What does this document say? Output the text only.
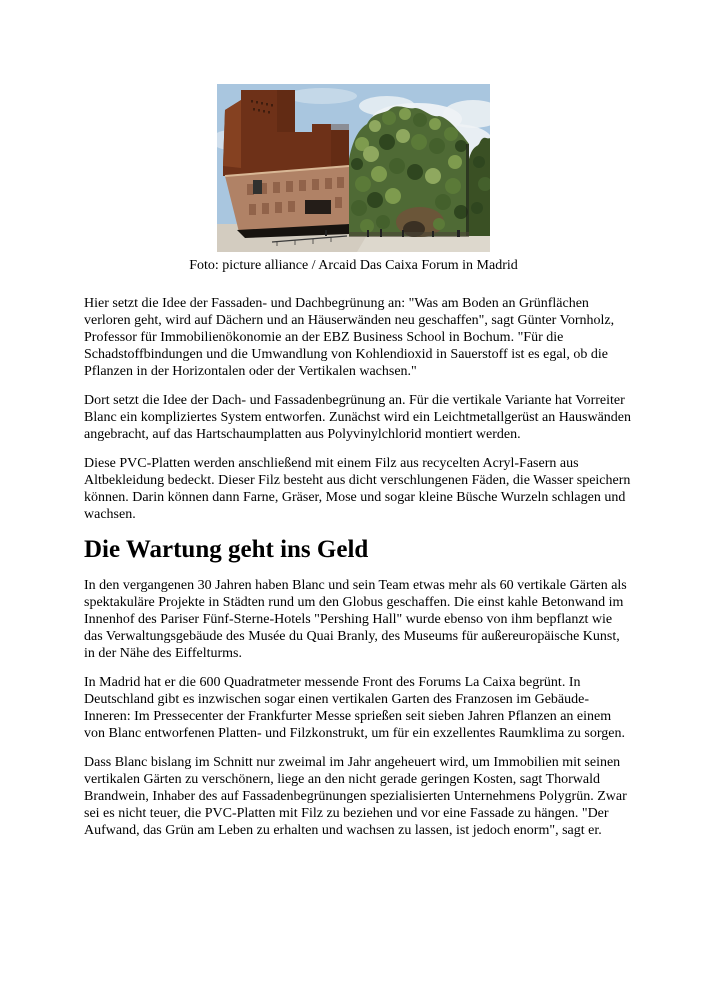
Foto: picture alliance / Arcaid Das Caixa Forum in Madrid

Hier setzt die Idee der Fassaden- und Dachbegrünung an: "Was am Boden an Grünflächen verloren geht, wird auf Dächern und an Häuserwänden neu geschaffen", sagt Günter Vornholz, Professor für Immobilienökonomie an der EBZ Business School in Bochum. "Für die Schadstoffbindungen und die Umwandlung von Kohlendioxid in Sauerstoff ist es egal, ob die Pflanzen in der Horizontalen oder der Vertikalen wachsen."

Dort setzt die Idee der Dach- und Fassadenbegrünung an. Für die vertikale Variante hat Vorreiter Blanc ein kompliziertes System entworfen. Zunächst wird ein Leichtmetallgerüst an Hauswänden angebracht, auf das Hartschaumplatten aus Polyvinylchlorid montiert werden.

Diese PVC-Platten werden anschließend mit einem Filz aus recycelten Acryl-Fasern aus Altbekleidung bedeckt. Dieser Filz besteht aus dicht verschlungenen Fäden, die Wasser speichern können. Darin können dann Farne, Gräser, Mose und sogar kleine Büsche Wurzeln schlagen und wachsen.

Die Wartung geht ins Geld

In den vergangenen 30 Jahren haben Blanc und sein Team etwas mehr als 60 vertikale Gärten als spektakuläre Projekte in Städten rund um den Globus geschaffen. Die einst kahle Betonwand im Innenhof des Pariser Fünf-Sterne-Hotels "Pershing Hall" wurde ebenso von ihm bepflanzt wie das Verwaltungsgebäude des Musée du Quai Branly, des Museums für außereuropäische Kunst, in der Nähe des Eiffelturms.

In Madrid hat er die 600 Quadratmeter messende Front des Forums La Caixa begrünt. In Deutschland gibt es inzwischen sogar einen vertikalen Garten des Franzosen im Gebäude-Inneren: Im Pressecenter der Frankfurter Messe sprießen seit sieben Jahren Pflanzen an einem von Blanc entworfenen Platten- und Filzkonstrukt, um für ein exzellentes Raumklima zu sorgen.

Dass Blanc bislang im Schnitt nur zweimal im Jahr angeheuert wird, um Immobilien mit seinen vertikalen Gärten zu verschönern, liege an den nicht gerade geringen Kosten, sagt Thorwald Brandwein, Inhaber des auf Fassadenbegrünungen spezialisierten Unternehmens Polygrün. Zwar sei es nicht teuer, die PVC-Platten mit Filz zu beziehen und vor eine Fassade zu hängen. "Der Aufwand, das Grün am Leben zu erhalten und wachsen zu lassen, ist jedoch enorm", sagt er.
